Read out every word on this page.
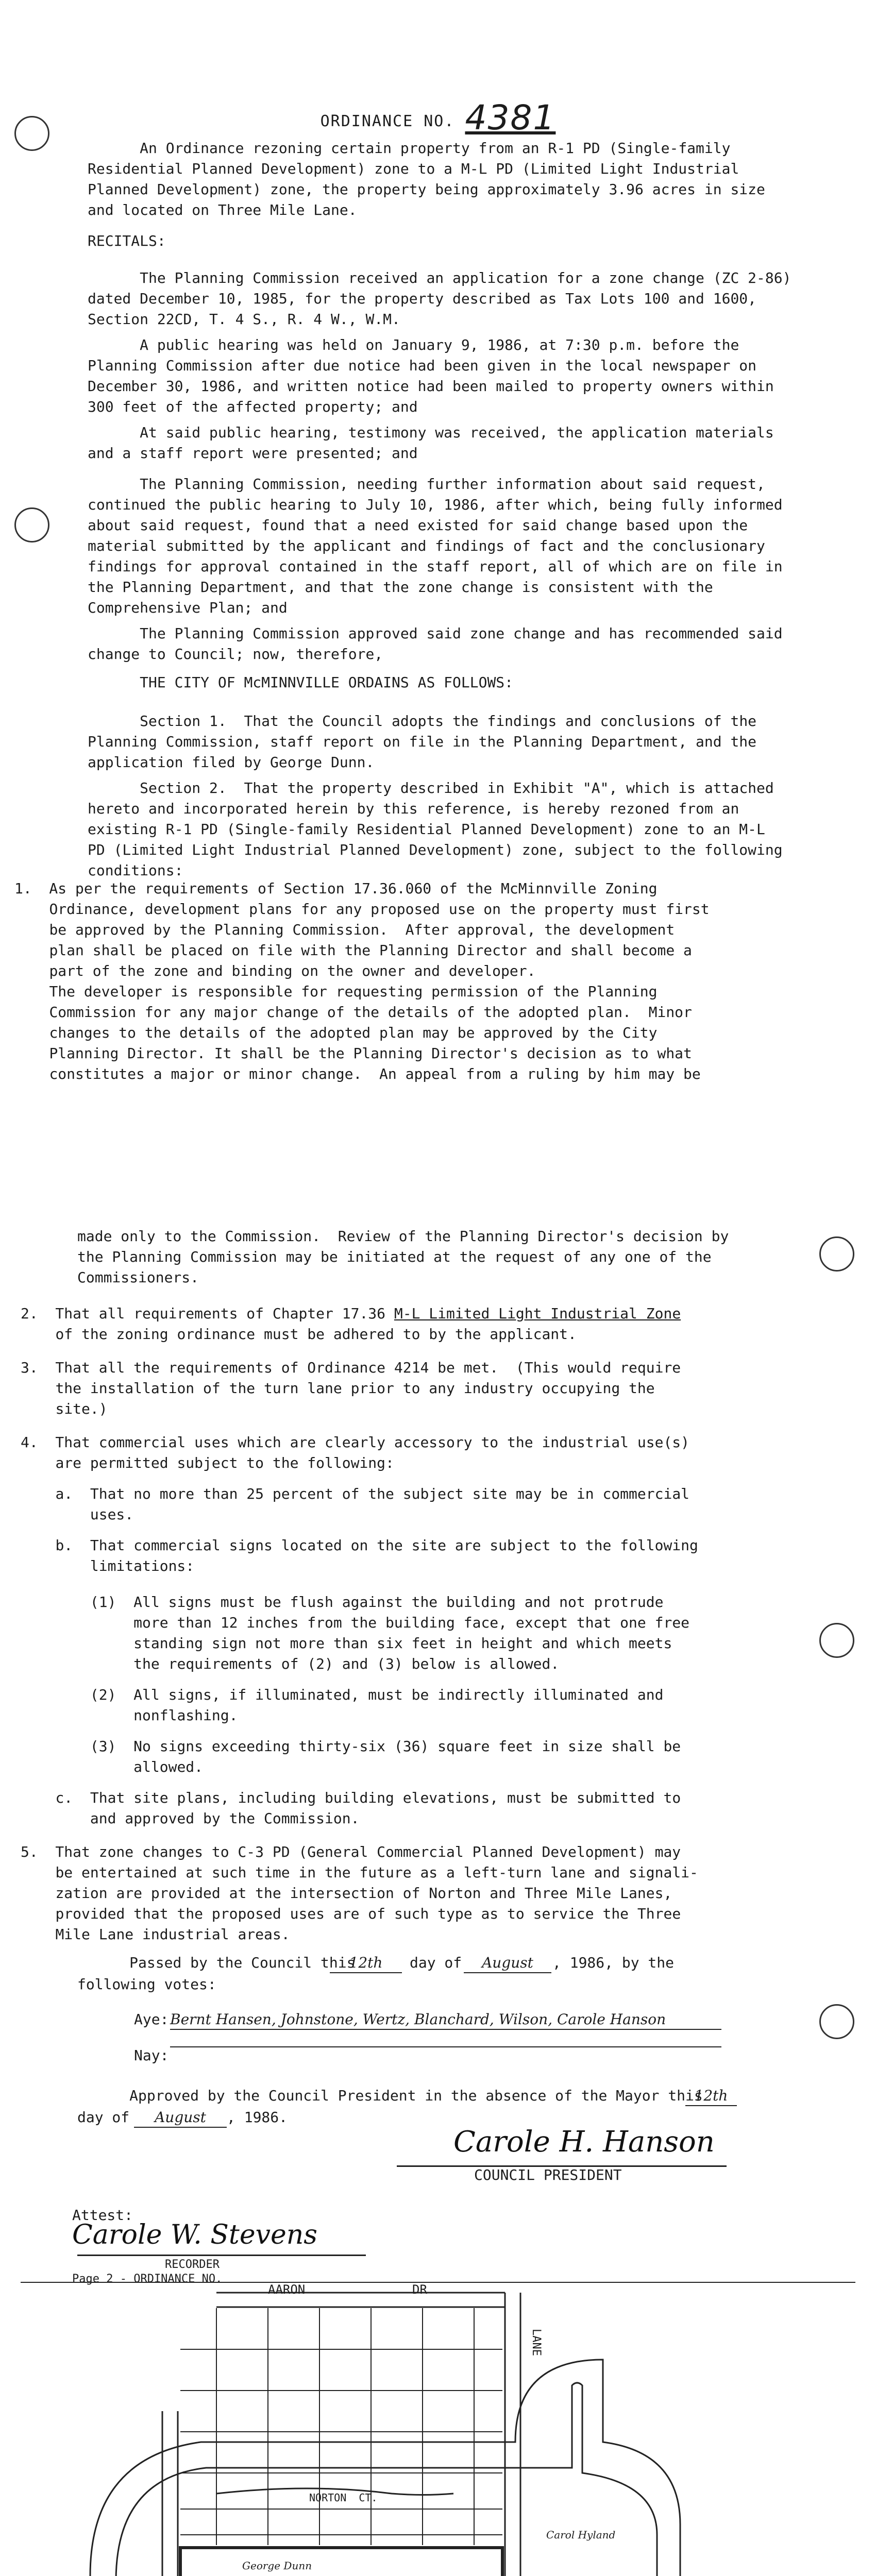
ORDINANCE NO. 4381
An Ordinance rezoning certain property from an R-1 PD (Single-family
Residential Planned Development) zone to a M-L PD (Limited Light Industrial
Planned Development) zone, the property being approximately 3.96 acres in size
and located on Three Mile Lane.
RECITALS:
The Planning Commission received an application for a zone change (ZC 2-86)
dated December 10, 1985, for the property described as Tax Lots 100 and 1600,
Section 22CD, T. 4 S., R. 4 W., W.M.
A public hearing was held on January 9, 1986, at 7:30 p.m. before the
Planning Commission after due notice had been given in the local newspaper on
December 30, 1986, and written notice had been mailed to property owners within
300 feet of the affected property; and
At said public hearing, testimony was received, the application materials
and a staff report were presented; and
The Planning Commission, needing further information about said request,
continued the public hearing to July 10, 1986, after which, being fully informed
about said request, found that a need existed for said change based upon the
material submitted by the applicant and findings of fact and the conclusionary
findings for approval contained in the staff report, all of which are on file in
the Planning Department, and that the zone change is consistent with the
Comprehensive Plan; and
The Planning Commission approved said zone change and has recommended said
change to Council; now, therefore,
THE CITY OF McMINNVILLE ORDAINS AS FOLLOWS:
Section 1.  That the Council adopts the findings and conclusions of the
Planning Commission, staff report on file in the Planning Department, and the
application filed by George Dunn.
Section 2.  That the property described in Exhibit "A", which is attached
hereto and incorporated herein by this reference, is hereby rezoned from an
existing R-1 PD (Single-family Residential Planned Development) zone to an M-L
PD (Limited Light Industrial Planned Development) zone, subject to the following
conditions:
1.  As per the requirements of Section 17.36.060 of the McMinnville Zoning
Ordinance, development plans for any proposed use on the property must first
be approved by the Planning Commission.  After approval, the development
plan shall be placed on file with the Planning Director and shall become a
part of the zone and binding on the owner and developer.
The developer is responsible for requesting permission of the Planning
Commission for any major change of the details of the adopted plan.  Minor
changes to the details of the adopted plan may be approved by the City
Planning Director. It shall be the Planning Director's decision as to what
constitutes a major or minor change.  An appeal from a ruling by him may be
made only to the Commission.  Review of the Planning Director's decision by
the Planning Commission may be initiated at the request of any one of the
Commissioners.
2.  That all requirements of Chapter 17.36 M-L Limited Light Industrial Zone
of the zoning ordinance must be adhered to by the applicant.
3.  That all the requirements of Ordinance 4214 be met.  (This would require
the installation of the turn lane prior to any industry occupying the
site.)
4.  That commercial uses which are clearly accessory to the industrial use(s)
are permitted subject to the following:
a.  That no more than 25 percent of the subject site may be in commercial
uses.
b.  That commercial signs located on the site are subject to the following
limitations:
(1)  All signs must be flush against the building and not protrude
more than 12 inches from the building face, except that one free
standing sign not more than six feet in height and which meets
the requirements of (2) and (3) below is allowed.
(2)  All signs, if illuminated, must be indirectly illuminated and
nonflashing.
(3)  No signs exceeding thirty-six (36) square feet in size shall be
allowed.
c.  That site plans, including building elevations, must be submitted to
and approved by the Commission.
5.  That zone changes to C-3 PD (General Commercial Planned Development) may
be entertained at such time in the future as a left-turn lane and signali-
zation are provided at the intersection of Norton and Three Mile Lanes,
provided that the proposed uses are of such type as to service the Three
Mile Lane industrial areas.
Passed by the Council this
12th	day of	August	, 1986, by the
following votes:
Aye: Bernt Hansen, Johnstone, Wertz, Blanchard, Wilson, Carole Hanson
Nay:
Approved by the Council President in the absence of the Mayor this
12th
day of	August	, 1986.
Carole H. Hanson
COUNCIL PRESIDENT
Attest:
Carole W. Stevens
RECORDER
Page 2 - ORDINANCE NO.
AARON	DR
LANE
NORTON  CT.
George Dunn
Carol Hyland
